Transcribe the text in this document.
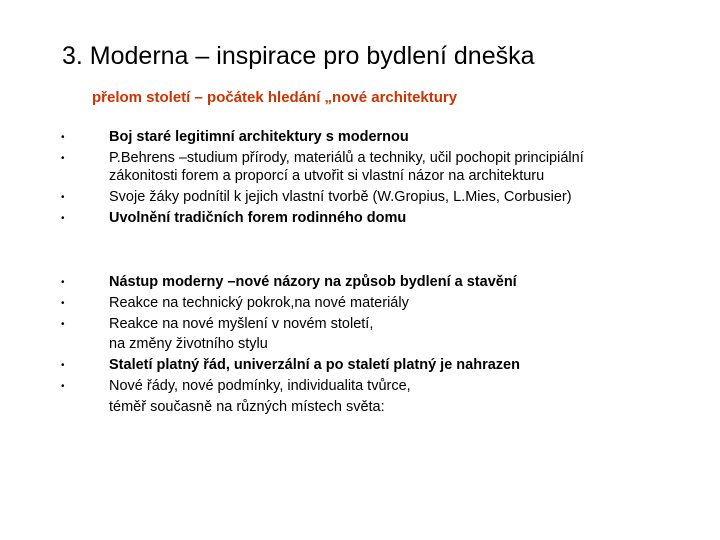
3. Moderna – inspirace pro bydlení dneška
přelom století – počátek hledání „nové architektury
•	Boj staré legitimní architektury s modernou
•	P.Behrens –studium přírody, materiálů a techniky, učil pochopit principiální
zákonitosti forem a proporcí a utvořit si vlastní názor na architekturu
•	Svoje žáky podnítil k jejich vlastní tvorbě (W.Gropius, L.Mies, Corbusier)
•	Uvolnění tradičních forem rodinného domu
•	Nástup moderny –nové názory na způsob bydlení a stavění
•	Reakce na technický pokrok,na nové materiály
•	Reakce na nové myšlení v novém století,
na změny životního stylu
•	Staletí platný řád, univerzální a po staletí platný je nahrazen
•	Nové řády, nové podmínky, individualita tvůrce,
téměř současně na různých místech světa:
